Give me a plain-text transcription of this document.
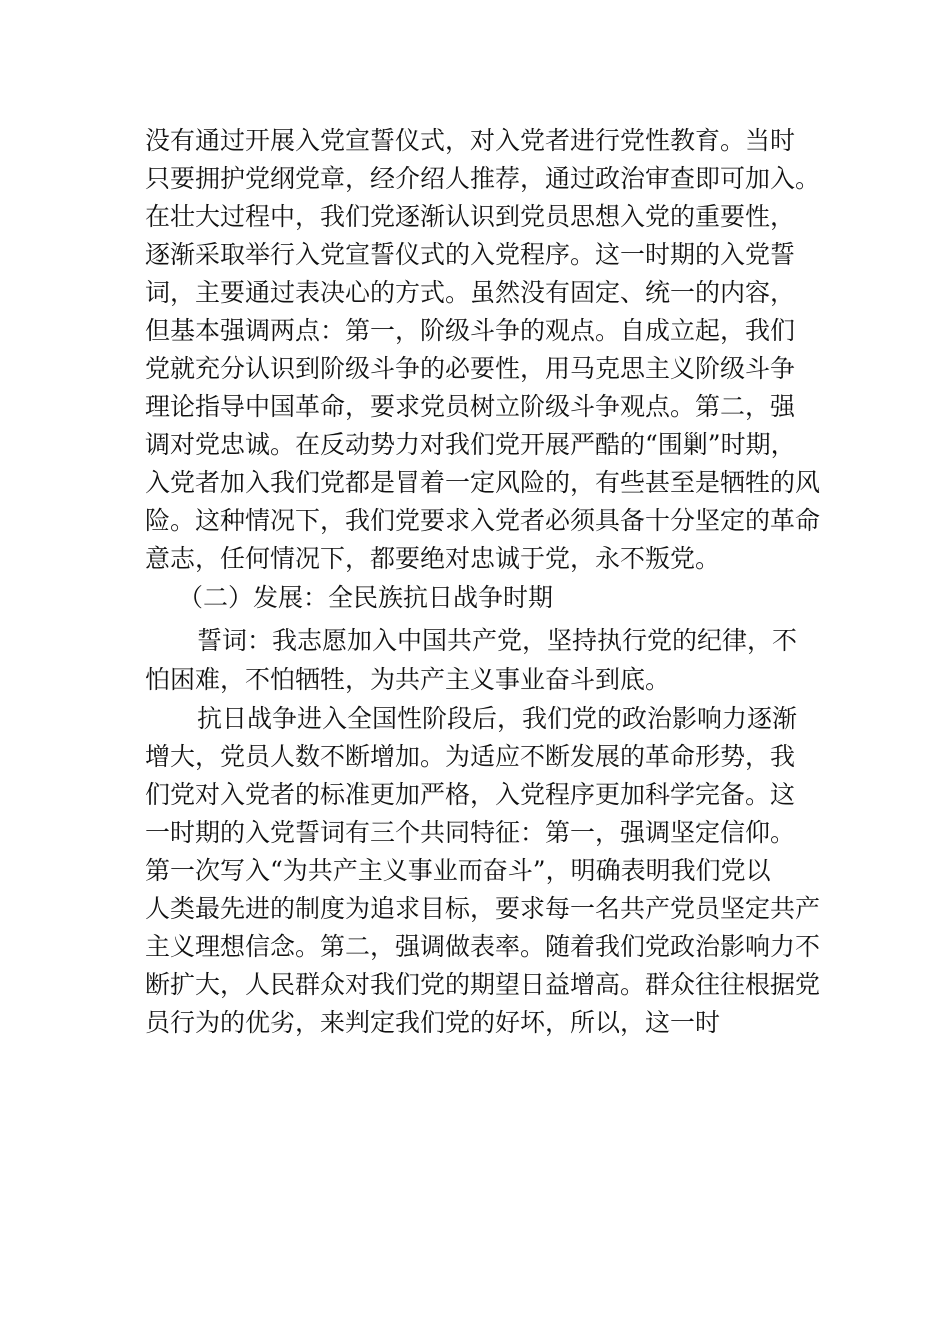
没有通过开展入党宣誓仪式，对入党者进行党性教育。当时

只要拥护党纲党章，经介绍人推荐，通过政治审查即可加入。

在壮大过程中，我们党逐渐认识到党员思想入党的重要性，

逐渐采取举行入党宣誓仪式的入党程序。这一时期的入党誓

词，主要通过表决心的方式。虽然没有固定、统一的内容，

但基本强调两点：第一，阶级斗争的观点。自成立起，我们

党就充分认识到阶级斗争的必要性，用马克思主义阶级斗争

理论指导中国革命，要求党员树立阶级斗争观点。第二，强

调对党忠诚。在反动势力对我们党开展严酷的“围剿”时期，

入党者加入我们党都是冒着一定风险的，有些甚至是牺牲的风

险。这种情况下，我们党要求入党者必须具备十分坚定的革命

意志，任何情况下，都要绝对忠诚于党，永不叛党。

（二）发展：全民族抗日战争时期

誓词：我志愿加入中国共产党，坚持执行党的纪律，不

怕困难，不怕牺牲，为共产主义事业奋斗到底。

抗日战争进入全国性阶段后，我们党的政治影响力逐渐

增大，党员人数不断增加。为适应不断发展的革命形势，我

们党对入党者的标准更加严格，入党程序更加科学完备。这

一时期的入党誓词有三个共同特征：第一，强调坚定信仰。

第一次写入“为共产主义事业而奋斗”，明确表明我们党以

人类最先进的制度为追求目标，要求每一名共产党员坚定共产

主义理想信念。第二，强调做表率。随着我们党政治影响力不

断扩大，人民群众对我们党的期望日益增高。群众往往根据党

员行为的优劣，来判定我们党的好坏，所以，这一时
